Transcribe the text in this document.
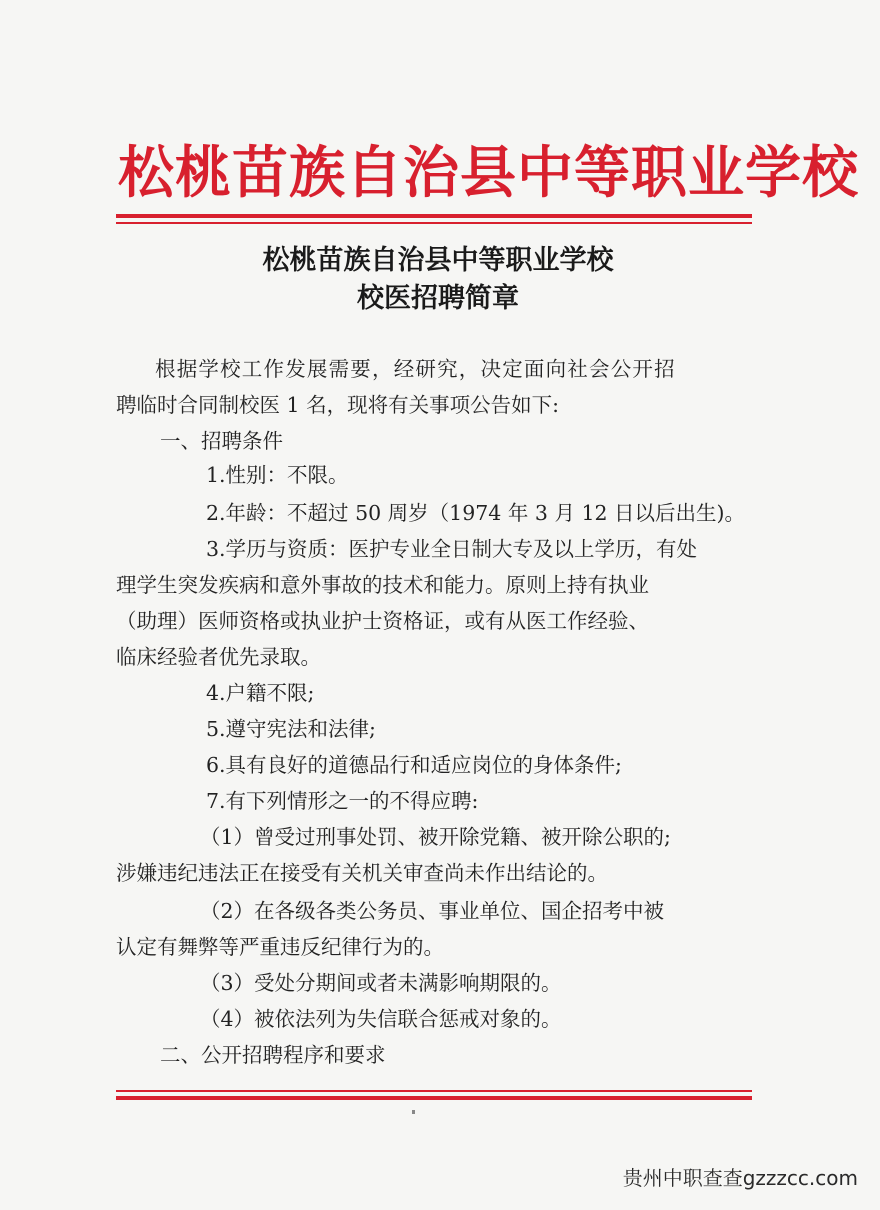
松桃苗族自治县中等职业学校
松桃苗族自治县中等职业学校
校医招聘简章
根据学校工作发展需要，经研究，决定面向社会公开招
聘临时合同制校医 1 名，现将有关事项公告如下:
一、招聘条件
1.性别：不限。
2.年龄：不超过 50 周岁（1974 年 3 月 12 日以后出生)。
3.学历与资质：医护专业全日制大专及以上学历，有处
理学生突发疾病和意外事故的技术和能力。原则上持有执业
（助理）医师资格或执业护士资格证，或有从医工作经验、
临床经验者优先录取。
4.户籍不限;
5.遵守宪法和法律;
6.具有良好的道德品行和适应岗位的身体条件;
7.有下列情形之一的不得应聘:
（1）曾受过刑事处罚、被开除党籍、被开除公职的;
涉嫌违纪违法正在接受有关机关审查尚未作出结论的。
（2）在各级各类公务员、事业单位、国企招考中被
认定有舞弊等严重违反纪律行为的。
（3）受处分期间或者未满影响期限的。
（4）被依法列为失信联合惩戒对象的。
二、公开招聘程序和要求
贵州中职查查gzzzcc.com
